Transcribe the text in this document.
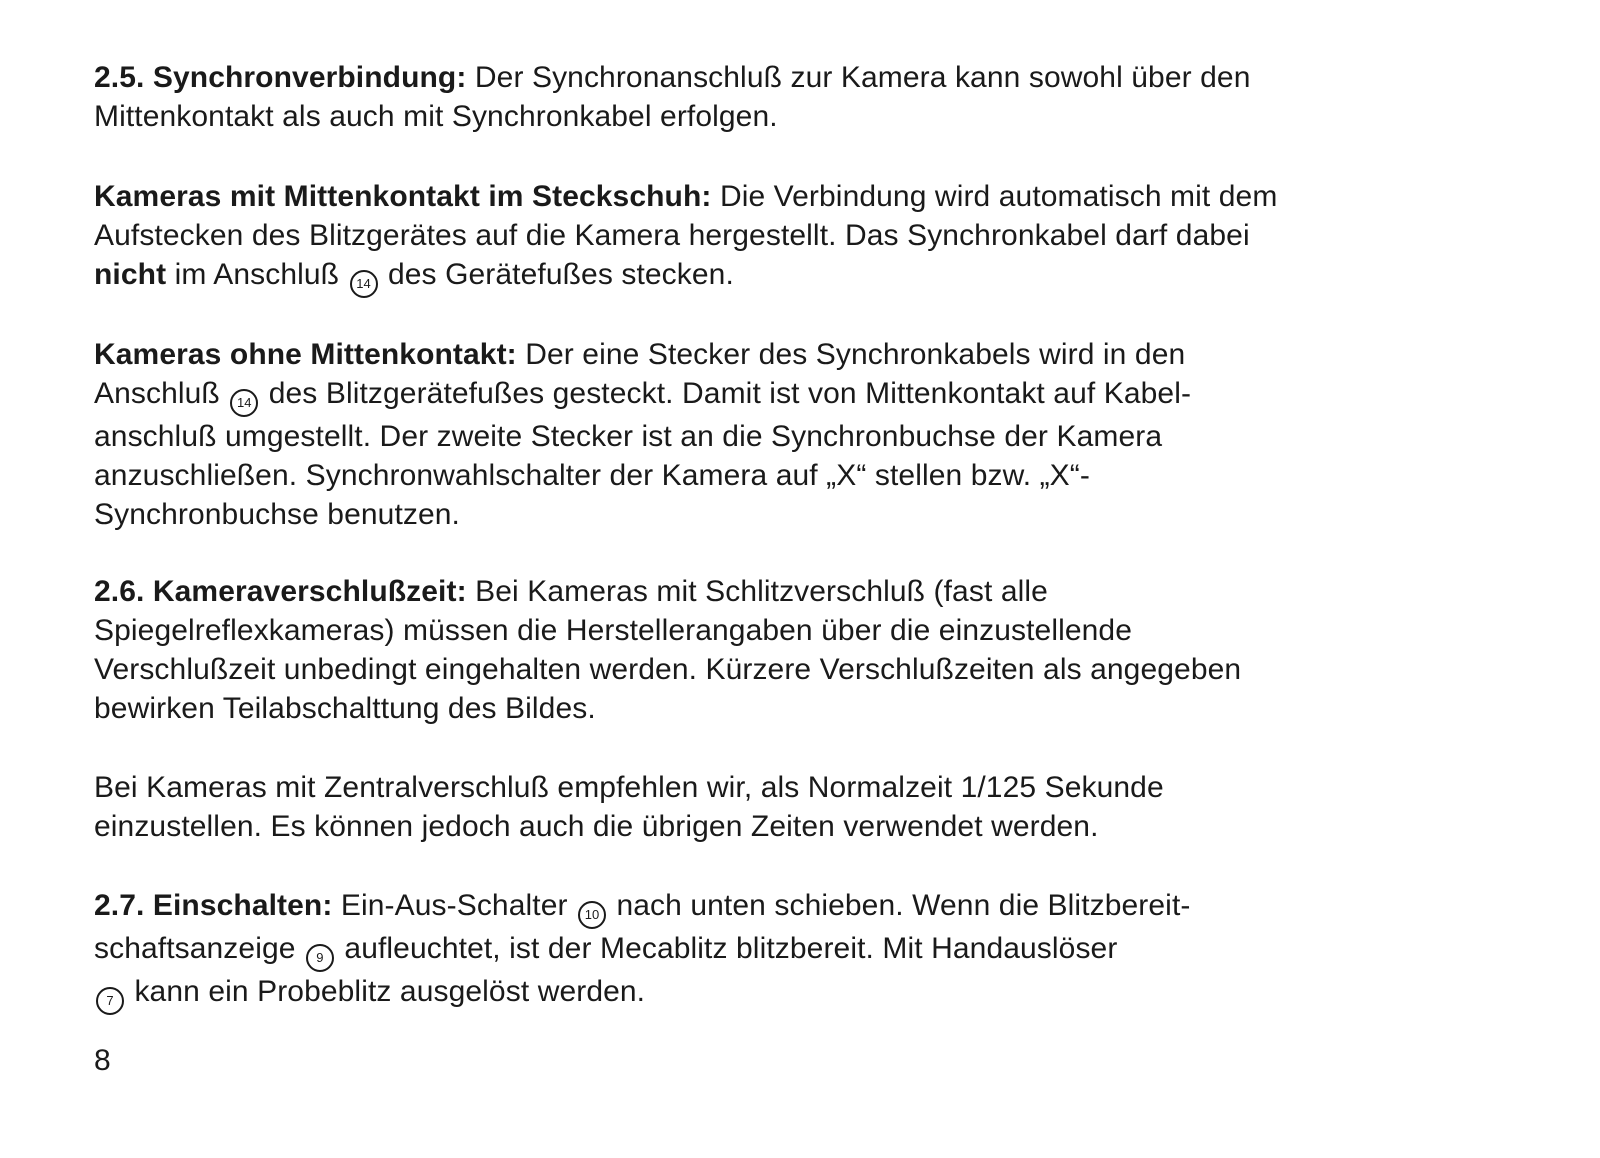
2.5. Synchronverbindung: Der Synchronanschluß zur Kamera kann sowohl über den
Mittenkontakt als auch mit Synchronkabel erfolgen.

Kameras mit Mittenkontakt im Steckschuh: Die Verbindung wird automatisch mit dem
Aufstecken des Blitzgerätes auf die Kamera hergestellt. Das Synchronkabel darf dabei
nicht im Anschluß 14 des Gerätefußes stecken.

Kameras ohne Mittenkontakt: Der eine Stecker des Synchronkabels wird in den
Anschluß 14 des Blitzgerätefußes gesteckt. Damit ist von Mittenkontakt auf Kabel-
anschluß umgestellt. Der zweite Stecker ist an die Synchronbuchse der Kamera
anzuschließen. Synchronwahlschalter der Kamera auf „X“ stellen bzw. „X“-
Synchronbuchse benutzen.

2.6. Kameraverschlußzeit: Bei Kameras mit Schlitzverschluß (fast alle
Spiegelreflexkameras) müssen die Herstellerangaben über die einzustellende
Verschlußzeit unbedingt eingehalten werden. Kürzere Verschlußzeiten als angegeben
bewirken Teilabschalttung des Bildes.

Bei Kameras mit Zentralverschluß empfehlen wir, als Normalzeit 1/125 Sekunde
einzustellen. Es können jedoch auch die übrigen Zeiten verwendet werden.

2.7. Einschalten: Ein-Aus-Schalter 10 nach unten schieben. Wenn die Blitzbereit-
schaftsanzeige 9 aufleuchtet, ist der Mecablitz blitzbereit. Mit Handauslöser
7 kann ein Probeblitz ausgelöst werden.

8
